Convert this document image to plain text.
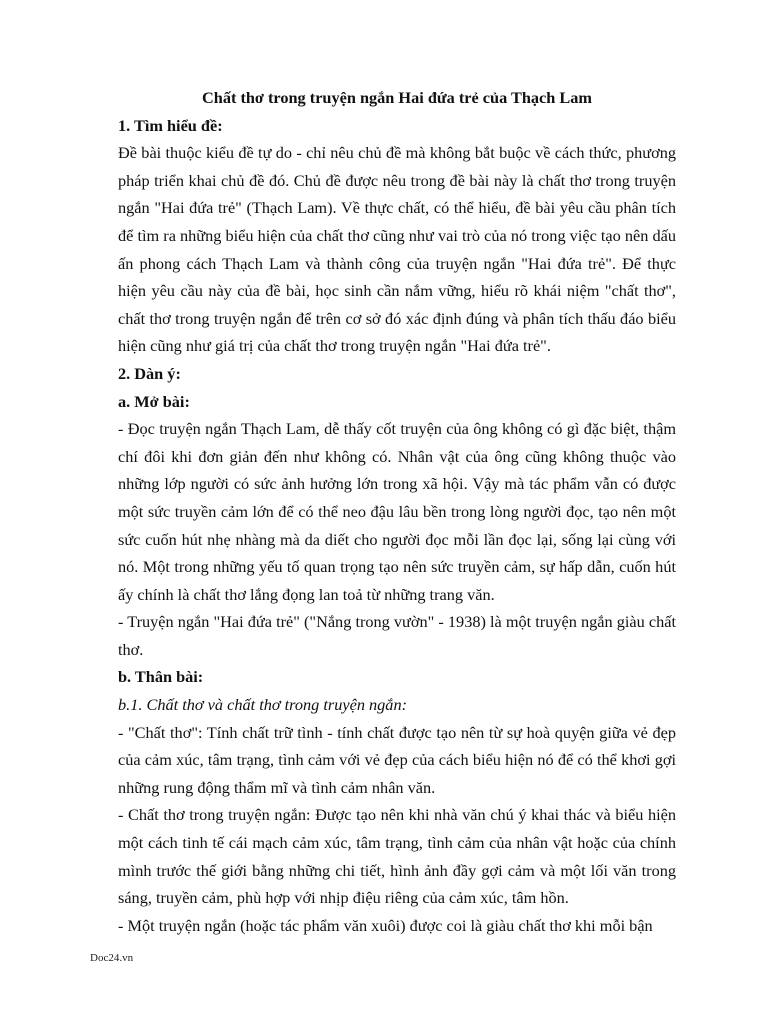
Chất thơ trong truyện ngắn Hai đứa trẻ của Thạch Lam

1. Tìm hiểu đề:

Đề bài thuộc kiểu đề tự do - chỉ nêu chủ đề mà không bắt buộc về cách thức, phương pháp triển khai chủ đề đó. Chủ đề được nêu trong đề bài này là chất thơ trong truyện ngắn "Hai đứa trẻ" (Thạch Lam). Về thực chất, có thể hiểu, đề bài yêu cầu phân tích để tìm ra những biểu hiện của chất thơ cũng như vai trò của nó trong việc tạo nên dấu ấn phong cách Thạch Lam và thành công của truyện ngắn "Hai đứa trẻ". Để thực hiện yêu cầu này của đề bài, học sinh cần nắm vững, hiểu rõ khái niệm "chất thơ", chất thơ trong truyện ngắn để trên cơ sở đó xác định đúng và phân tích thấu đáo biểu hiện cũng như giá trị của chất thơ trong truyện ngắn "Hai đứa trẻ".

2. Dàn ý:

a. Mở bài:

- Đọc truyện ngắn Thạch Lam, dễ thấy cốt truyện của ông không có gì đặc biệt, thậm chí đôi khi đơn giản đến như không có. Nhân vật của ông cũng không thuộc vào những lớp người có sức ảnh hưởng lớn trong xã hội. Vậy mà tác phẩm vẫn có được một sức truyền cảm lớn để có thể neo đậu lâu bền trong lòng người đọc, tạo nên một sức cuốn hút nhẹ nhàng mà da diết cho người đọc mỗi lần đọc lại, sống lại cùng với nó. Một trong những yếu tố quan trọng tạo nên sức truyền cảm, sự hấp dẫn, cuốn hút ấy chính là chất thơ lắng đọng lan toả từ những trang văn.

- Truyện ngắn "Hai đứa trẻ" ("Nắng trong vườn" - 1938) là một truyện ngắn giàu chất thơ.

b. Thân bài:

b.1. Chất thơ và chất thơ trong truyện ngắn:

- "Chất thơ": Tính chất trữ tình - tính chất được tạo nên từ sự hoà quyện giữa vẻ đẹp của cảm xúc, tâm trạng, tình cảm với vẻ đẹp của cách biểu hiện nó để có thể khơi gợi những rung động thẩm mĩ và tình cảm nhân văn.

- Chất thơ trong truyện ngắn: Được tạo nên khi nhà văn chú ý khai thác và biểu hiện một cách tinh tế cái mạch cảm xúc, tâm trạng, tình cảm của nhân vật hoặc của chính mình trước thế giới bằng những chi tiết, hình ảnh đầy gợi cảm và một lối văn trong sáng, truyền cảm, phù hợp với nhịp điệu riêng của cảm xúc, tâm hồn.

- Một truyện ngắn (hoặc tác phẩm văn xuôi) được coi là giàu chất thơ khi mỗi bận

Doc24.vn
